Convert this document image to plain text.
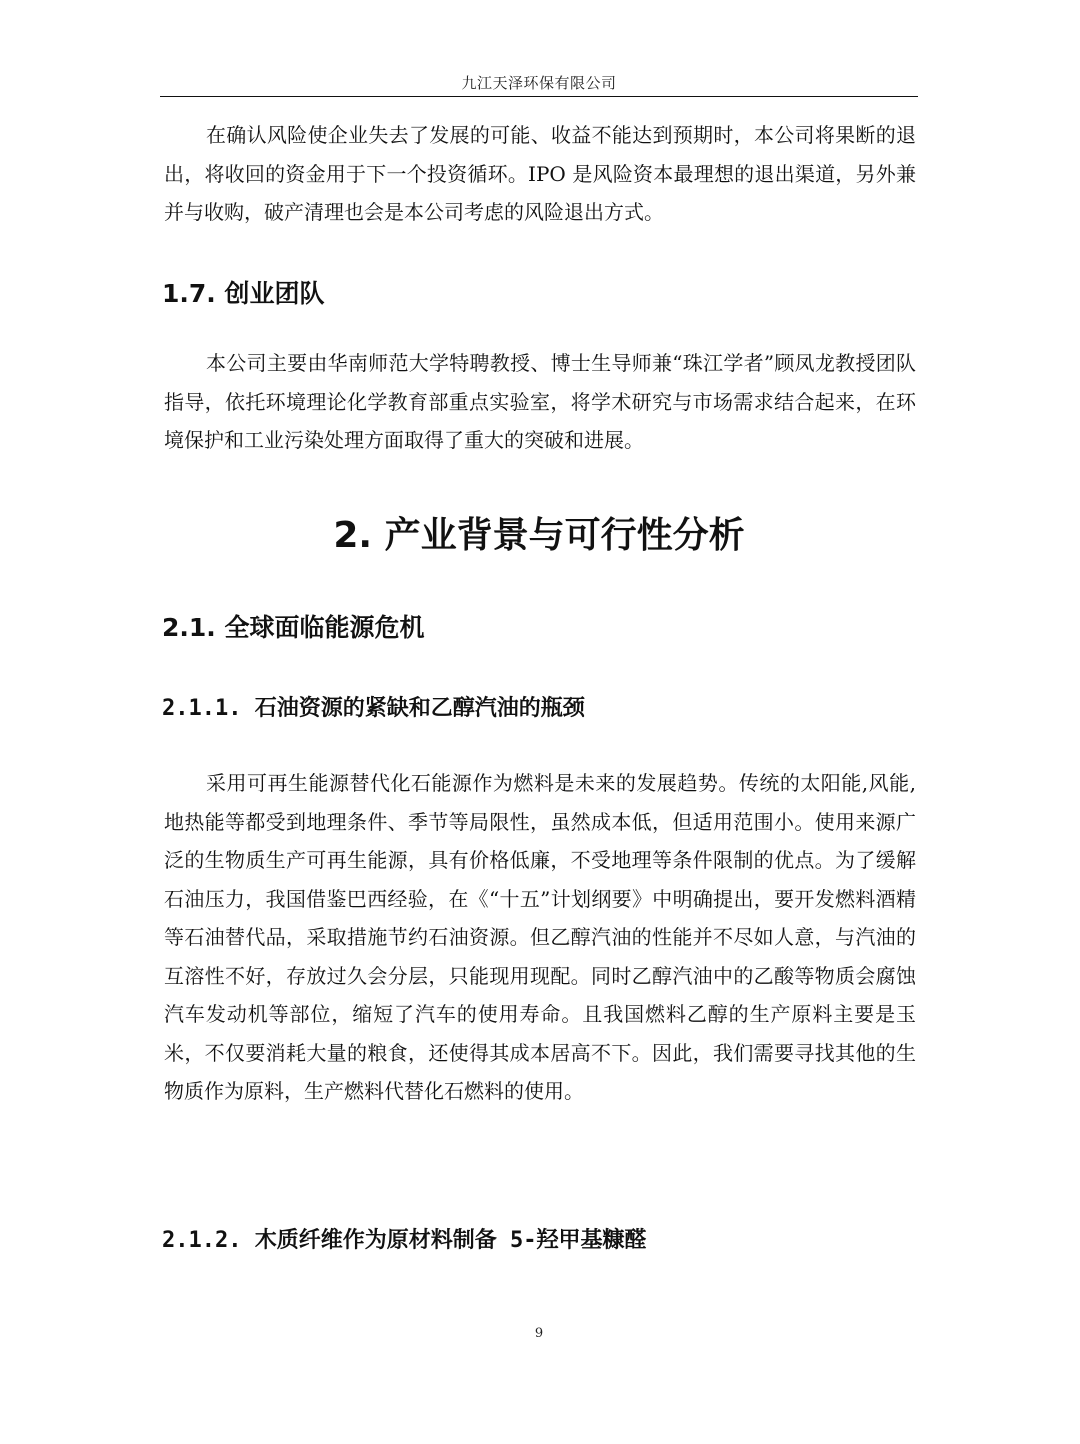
九江天泽环保有限公司

在确认风险使企业失去了发展的可能、收益不能达到预期时，本公司将果断的退出，将收回的资金用于下一个投资循环。IPO 是风险资本最理想的退出渠道，另外兼并与收购，破产清理也会是本公司考虑的风险退出方式。

1.7. 创业团队

本公司主要由华南师范大学特聘教授、博士生导师兼“珠江学者”顾凤龙教授团队指导，依托环境理论化学教育部重点实验室，将学术研究与市场需求结合起来，在环境保护和工业污染处理方面取得了重大的突破和进展。

2. 产业背景与可行性分析
2.1. 全球面临能源危机
2.1.1. 石油资源的紧缺和乙醇汽油的瓶颈

采用可再生能源替代化石能源作为燃料是未来的发展趋势。传统的太阳能,风能,地热能等都受到地理条件、季节等局限性，虽然成本低，但适用范围小。使用来源广泛的生物质生产可再生能源，具有价格低廉，不受地理等条件限制的优点。为了缓解石油压力，我国借鉴巴西经验，在《“十五”计划纲要》中明确提出，要开发燃料酒精等石油替代品，采取措施节约石油资源。但乙醇汽油的性能并不尽如人意，与汽油的互溶性不好，存放过久会分层，只能现用现配。同时乙醇汽油中的乙酸等物质会腐蚀汽车发动机等部位，缩短了汽车的使用寿命。且我国燃料乙醇的生产原料主要是玉米，不仅要消耗大量的粮食，还使得其成本居高不下。因此，我们需要寻找其他的生物质作为原料，生产燃料代替化石燃料的使用。

2.1.2. 木质纤维作为原材料制备 5-羟甲基糠醛
9
